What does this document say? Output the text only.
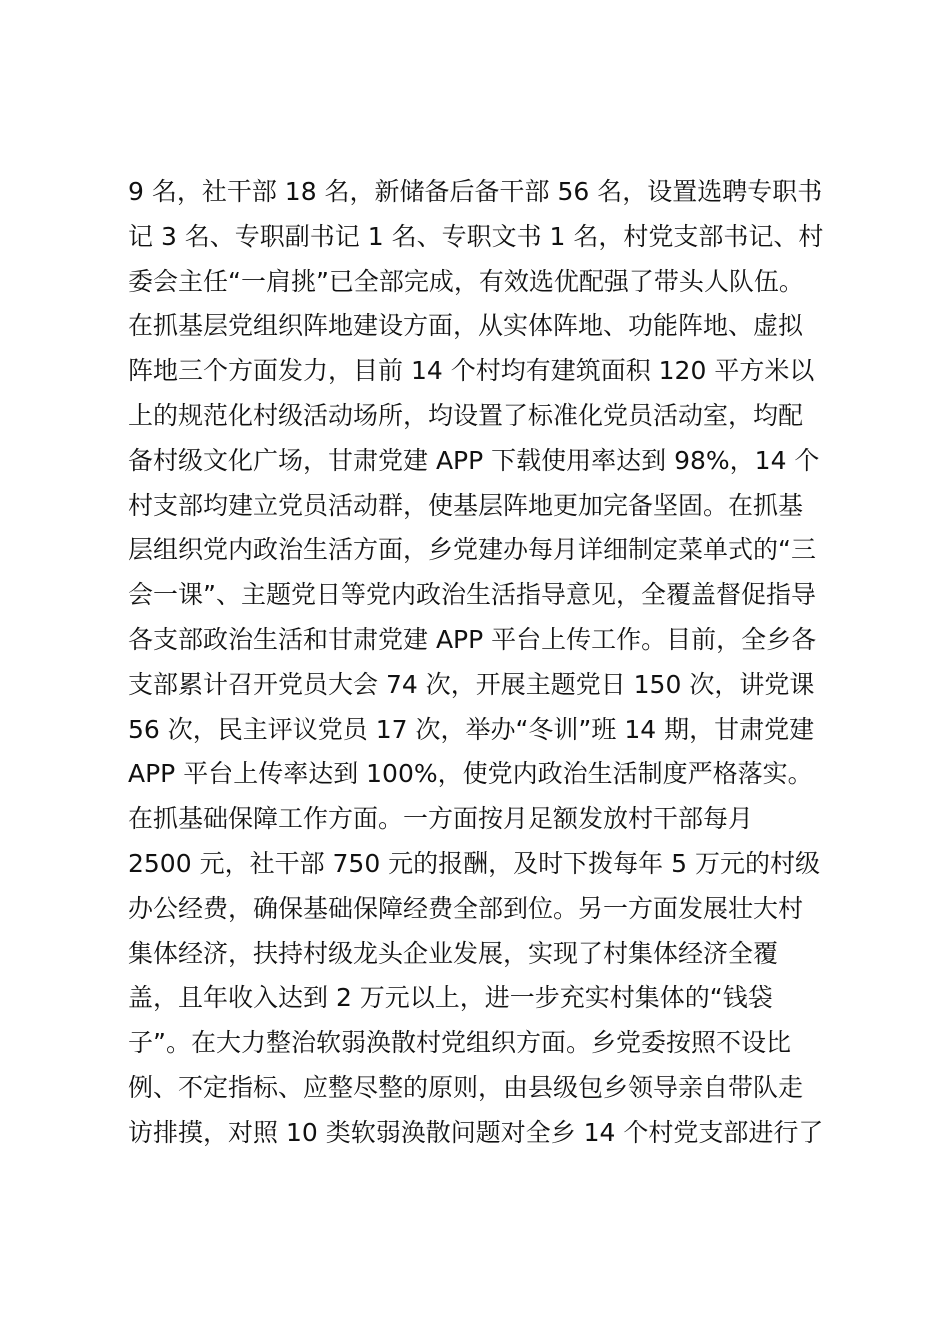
9 名，社干部 18 名，新储备后备干部 56 名，设置选聘专职书
记 3 名、专职副书记 1 名、专职文书 1 名，村党支部书记、村
委会主任“一肩挑”已全部完成，有效选优配强了带头人队伍。
在抓基层党组织阵地建设方面，从实体阵地、功能阵地、虚拟
阵地三个方面发力，目前 14 个村均有建筑面积 120 平方米以
上的规范化村级活动场所，均设置了标准化党员活动室，均配
备村级文化广场，甘肃党建 APP 下载使用率达到 98%，14 个
村支部均建立党员活动群，使基层阵地更加完备坚固。在抓基
层组织党内政治生活方面，乡党建办每月详细制定菜单式的“三
会一课”、主题党日等党内政治生活指导意见，全覆盖督促指导
各支部政治生活和甘肃党建 APP 平台上传工作。目前，全乡各
支部累计召开党员大会 74 次，开展主题党日 150 次，讲党课
56 次，民主评议党员 17 次，举办“冬训”班 14 期，甘肃党建
APP 平台上传率达到 100%，使党内政治生活制度严格落实。
在抓基础保障工作方面。一方面按月足额发放村干部每月
2500 元，社干部 750 元的报酬，及时下拨每年 5 万元的村级
办公经费，确保基础保障经费全部到位。另一方面发展壮大村
集体经济，扶持村级龙头企业发展，实现了村集体经济全覆
盖，且年收入达到 2 万元以上，进一步充实村集体的“钱袋
子”。在大力整治软弱涣散村党组织方面。乡党委按照不设比
例、不定指标、应整尽整的原则，由县级包乡领导亲自带队走
访排摸，对照 10 类软弱涣散问题对全乡 14 个村党支部进行了
